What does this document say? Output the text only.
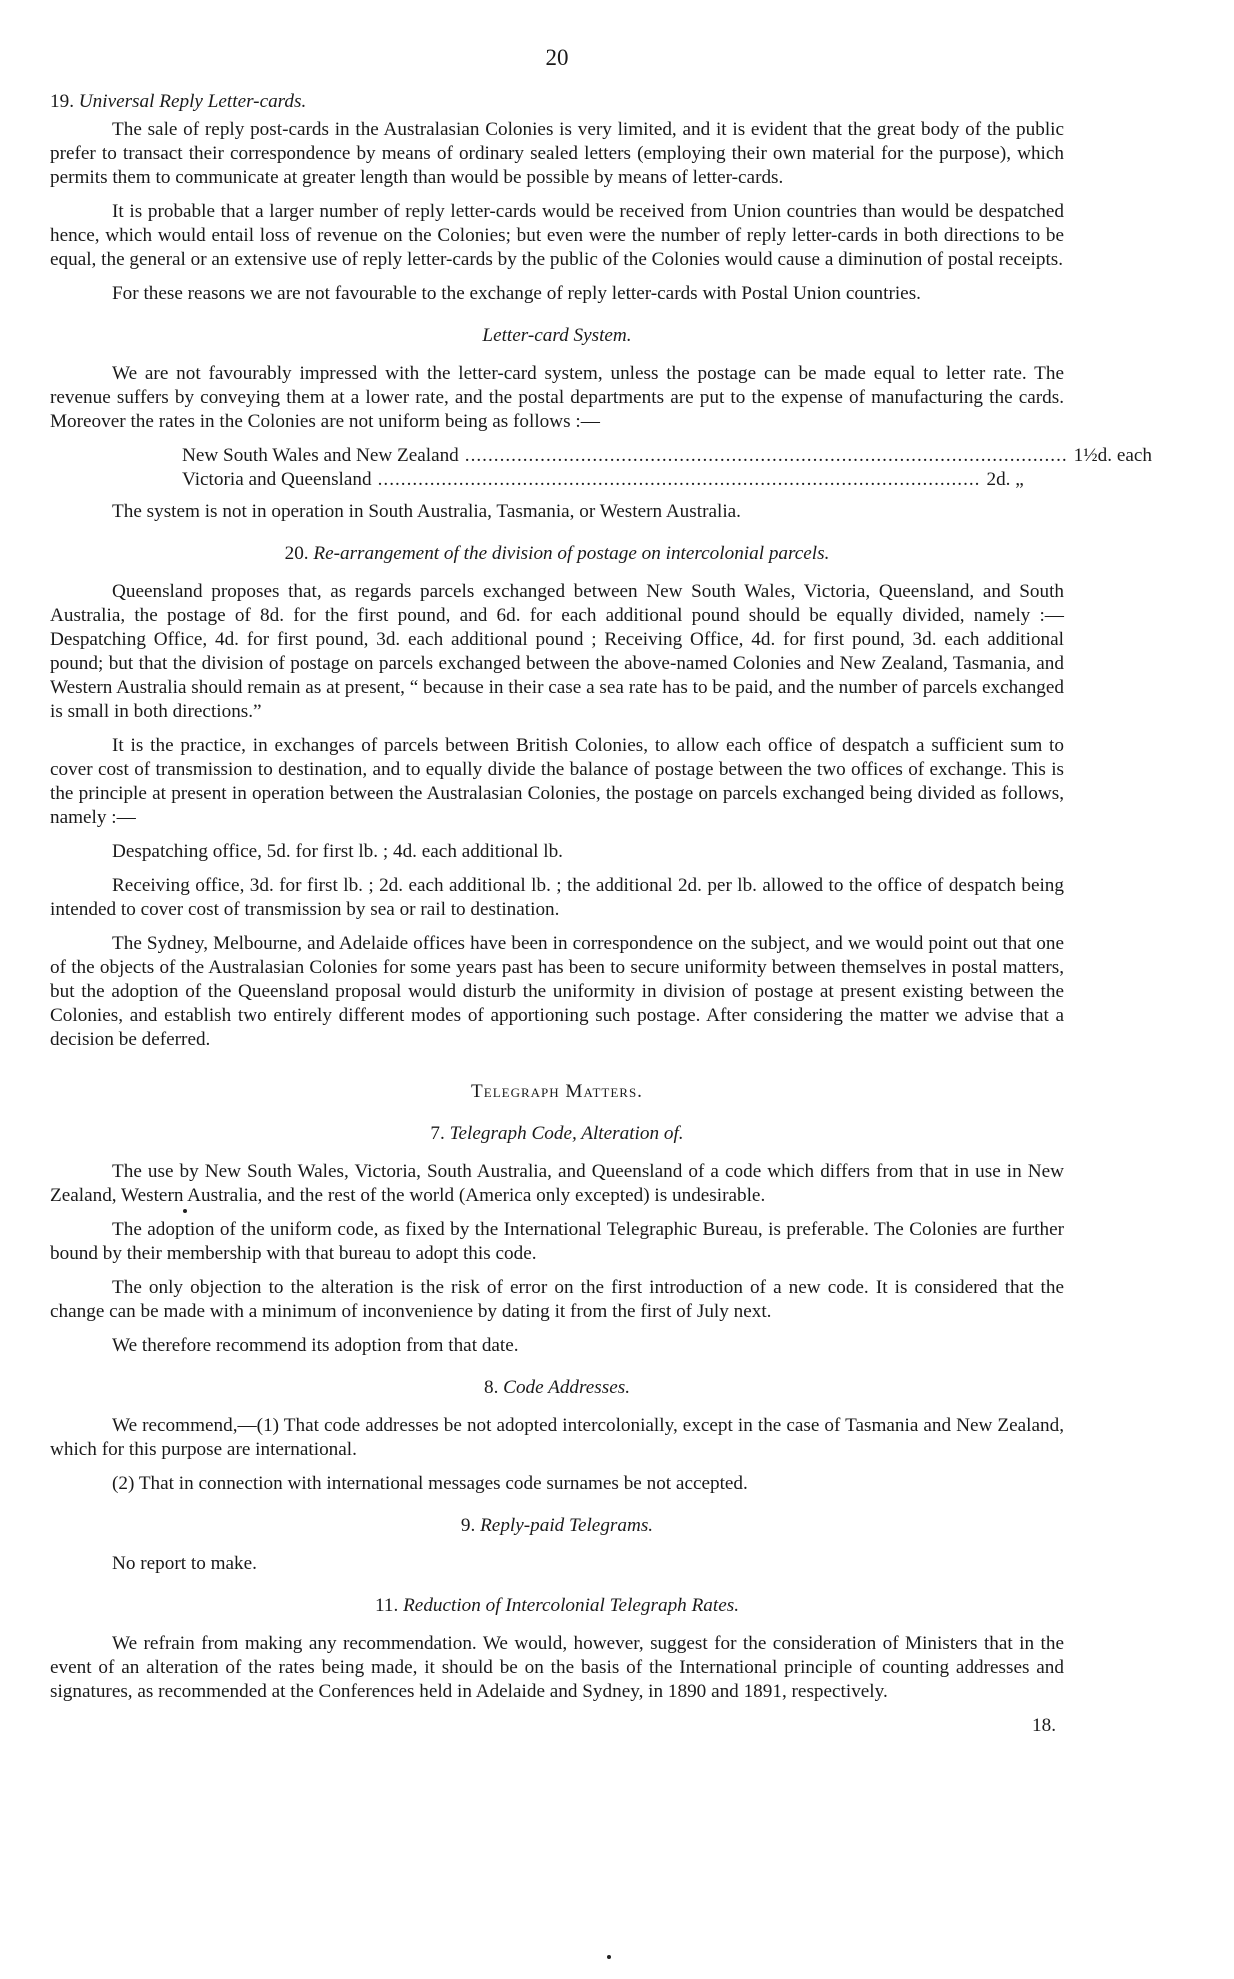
20
19. Universal Reply Letter-cards.

The sale of reply post-cards in the Australasian Colonies is very limited, and it is evident that the great body of the public prefer to transact their correspondence by means of ordinary sealed letters (employing their own material for the purpose), which permits them to communicate at greater length than would be possible by means of letter-cards.

It is probable that a larger number of reply letter-cards would be received from Union countries than would be despatched hence, which would entail loss of revenue on the Colonies; but even were the number of reply letter-cards in both directions to be equal, the general or an extensive use of reply letter-cards by the public of the Colonies would cause a diminution of postal receipts.

For these reasons we are not favourable to the exchange of reply letter-cards with Postal Union countries.

Letter-card System.

We are not favourably impressed with the letter-card system, unless the postage can be made equal to letter rate. The revenue suffers by conveying them at a lower rate, and the postal departments are put to the expense of manufacturing the cards. Moreover the rates in the Colonies are not uniform being as follows :—

New South Wales and New Zealand ........................................................................................................ 1½d. each
Victoria and Queensland ........................................................................................................ 2d. „

The system is not in operation in South Australia, Tasmania, or Western Australia.

20. Re-arrangement of the division of postage on intercolonial parcels.

Queensland proposes that, as regards parcels exchanged between New South Wales, Victoria, Queensland, and South Australia, the postage of 8d. for the first pound, and 6d. for each additional pound should be equally divided, namely :—Despatching Office, 4d. for first pound, 3d. each additional pound ; Receiving Office, 4d. for first pound, 3d. each additional pound; but that the division of postage on parcels exchanged between the above-named Colonies and New Zealand, Tasmania, and Western Australia should remain as at present, “ because in their case a sea rate has to be paid, and the number of parcels exchanged is small in both directions.”

It is the practice, in exchanges of parcels between British Colonies, to allow each office of despatch a sufficient sum to cover cost of transmission to destination, and to equally divide the balance of postage between the two offices of exchange. This is the principle at present in operation between the Australasian Colonies, the postage on parcels exchanged being divided as follows, namely :—

Despatching office, 5d. for first lb. ; 4d. each additional lb.

Receiving office, 3d. for first lb. ; 2d. each additional lb. ; the additional 2d. per lb. allowed to the office of despatch being intended to cover cost of transmission by sea or rail to destination.

The Sydney, Melbourne, and Adelaide offices have been in correspondence on the subject, and we would point out that one of the objects of the Australasian Colonies for some years past has been to secure uniformity between themselves in postal matters, but the adoption of the Queensland proposal would disturb the uniformity in division of postage at present existing between the Colonies, and establish two entirely different modes of apportioning such postage. After considering the matter we advise that a decision be deferred.

Telegraph Matters.
7. Telegraph Code, Alteration of.

The use by New South Wales, Victoria, South Australia, and Queensland of a code which differs from that in use in New Zealand, Western Australia, and the rest of the world (America only excepted) is undesirable.

The adoption of the uniform code, as fixed by the International Telegraphic Bureau, is preferable. The Colonies are further bound by their membership with that bureau to adopt this code.

The only objection to the alteration is the risk of error on the first introduction of a new code. It is considered that the change can be made with a minimum of inconvenience by dating it from the first of July next.

We therefore recommend its adoption from that date.

8. Code Addresses.

We recommend,—(1) That code addresses be not adopted intercolonially, except in the case of Tasmania and New Zealand, which for this purpose are international.

(2) That in connection with international messages code surnames be not accepted.

9. Reply-paid Telegrams.

No report to make.

11. Reduction of Intercolonial Telegraph Rates.

We refrain from making any recommendation. We would, however, suggest for the consideration of Ministers that in the event of an alteration of the rates being made, it should be on the basis of the International principle of counting addresses and signatures, as recommended at the Conferences held in Adelaide and Sydney, in 1890 and 1891, respectively.

18.
